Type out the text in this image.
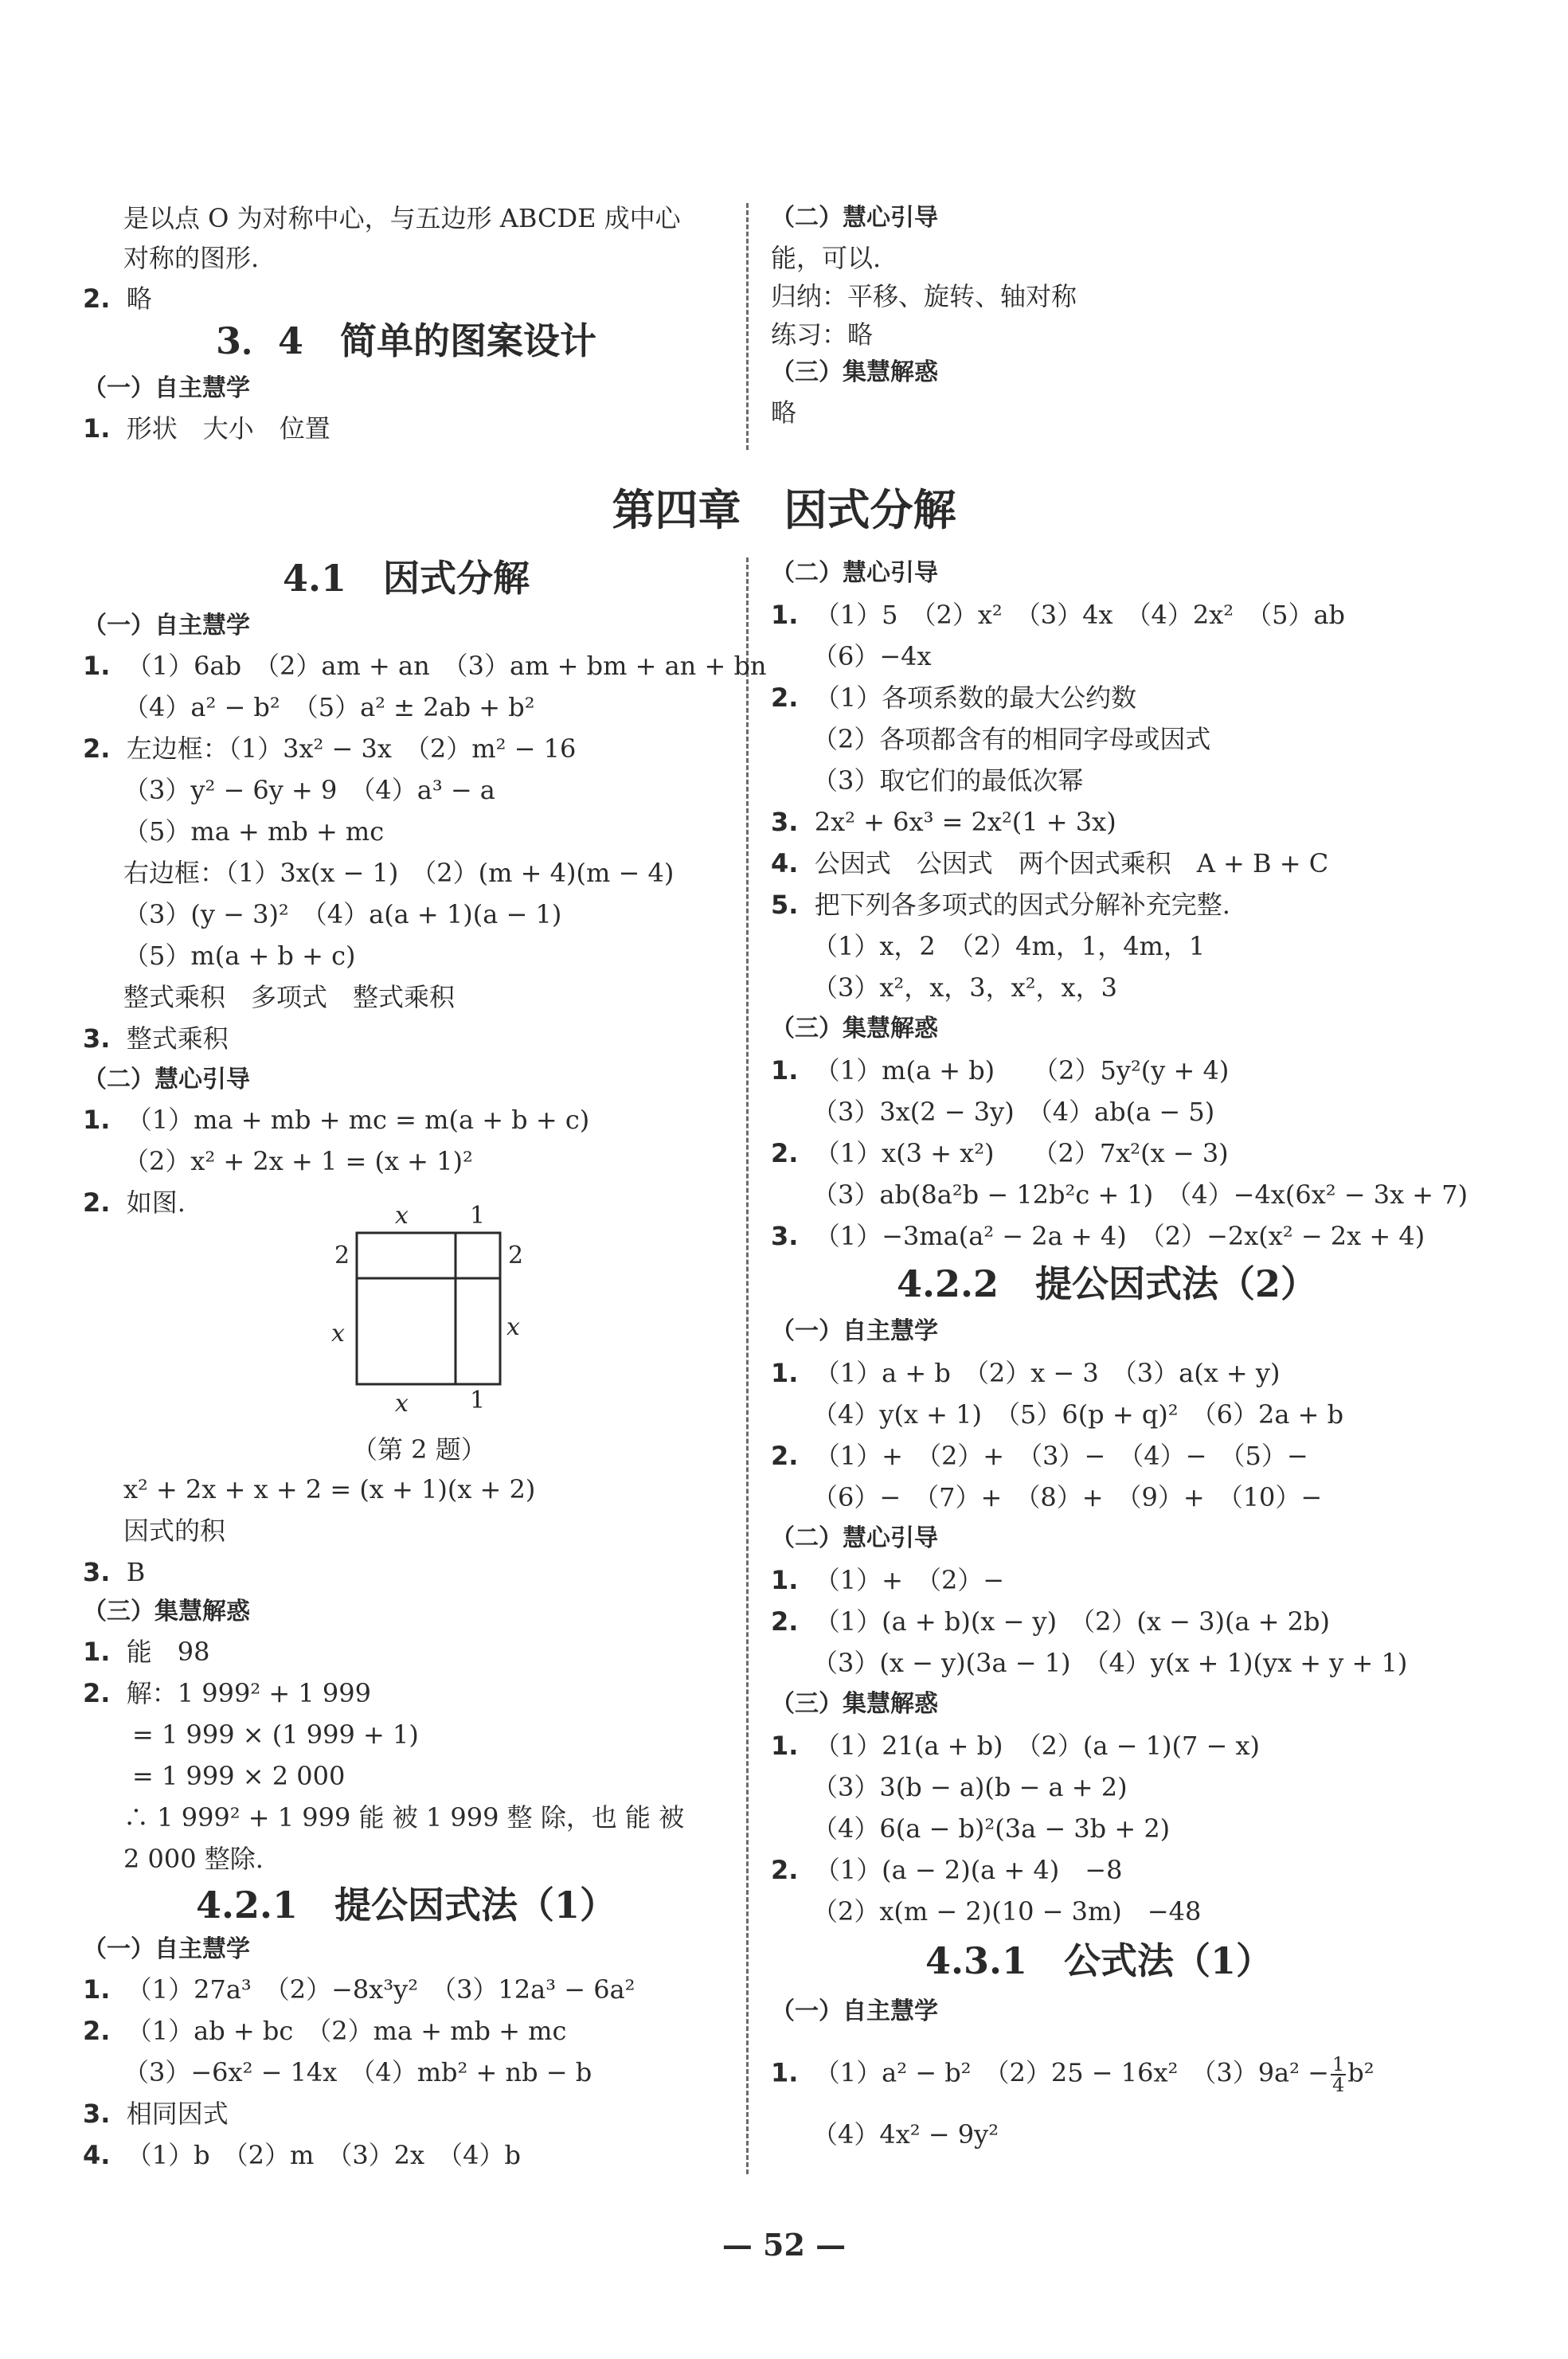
是以点 O 为对称中心，与五边形 ABCDE 成中心
对称的图形.
2. 略
3．4　简单的图案设计
（一）自主慧学
1. 形状　大小　位置
（二）慧心引导
能，可以.
归纳：平移、旋转、轴对称
练习：略
（三）集慧解惑
略
第四章　因式分解
4.1　因式分解
（一）自主慧学
1. （1）6ab　（2）am + an　（3）am + bm + an + bn
（4）a² − b²　（5）a² ± 2ab + b²
2. 左边框：（1）3x² − 3x　（2）m² − 16
（3）y² − 6y + 9　（4）a³ − a
（5）ma + mb + mc
右边框：（1）3x(x − 1)　（2）(m + 4)(m − 4)
（3）(y − 3)²　（4）a(a + 1)(a − 1)
（5）m(a + b + c)
整式乘积　多项式　整式乘积
3. 整式乘积
（二）慧心引导
1. （1）ma + mb + mc = m(a + b + c)
（2）x² + 2x + 1 = (x + 1)²
2. 如图.	x	1
2	2
x	x
x	1
（第 2 题）
x² + 2x + x + 2 = (x + 1)(x + 2)
因式的积
3. B
（三）集慧解惑
1. 能　98
2. 解：1 999² + 1 999
= 1 999 × (1 999 + 1)
= 1 999 × 2 000
∴ 1 999² + 1 999 能 被 1 999 整 除，也 能 被
2 000 整除.
4.2.1　提公因式法（1）
（一）自主慧学
1. （1）27a³　（2）−8x³y²　（3）12a³ − 6a²
2. （1）ab + bc　（2）ma + mb + mc
（3）−6x² − 14x　（4）mb² + nb − b
3. 相同因式
4. （1）b　（2）m　（3）2x　（4）b
（二）慧心引导
1. （1）5　（2）x²　（3）4x　（4）2x²　（5）ab
（6）−4x
2. （1）各项系数的最大公约数
（2）各项都含有的相同字母或因式
（3）取它们的最低次幂
3. 2x² + 6x³ = 2x²(1 + 3x)
4. 公因式　公因式　两个因式乘积　A + B + C
5. 把下列各多项式的因式分解补充完整.
（1）x，2　（2）4m，1，4m，1
（3）x²，x，3，x²，x，3
（三）集慧解惑
1. （1）m(a + b)　　（2）5y²(y + 4)
（3）3x(2 − 3y)　（4）ab(a − 5)
2. （1）x(3 + x²)　　（2）7x²(x − 3)
（3）ab(8a²b − 12b²c + 1)　（4）−4x(6x² − 3x + 7)
3. （1）−3ma(a² − 2a + 4)　（2）−2x(x² − 2x + 4)
4.2.2　提公因式法（2）
（一）自主慧学
1. （1）a + b　（2）x − 3　（3）a(x + y)
（4）y(x + 1)　（5）6(p + q)²　（6）2a + b
2. （1）+　（2）+　（3）−　（4）−　（5）−
（6）−　（7）+　（8）+　（9）+　（10）−
（二）慧心引导
1. （1）+　（2）−
2. （1）(a + b)(x − y)　（2）(x − 3)(a + 2b)
（3）(x − y)(3a − 1)　（4）y(x + 1)(yx + y + 1)
（三）集慧解惑
1. （1）21(a + b)　（2）(a − 1)(7 − x)
（3）3(b − a)(b − a + 2)
（4）6(a − b)²(3a − 3b + 2)
2. （1）(a − 2)(a + 4)　−8
（2）x(m − 2)(10 − 3m)　−48
4.3.1　公式法（1）
（一）自主慧学
1. （1）a² − b²　（2）25 − 16x²　$(3)9a^2 - \frac{1}{4} b^2$
（4）4x² − 9y²
— 52 —
